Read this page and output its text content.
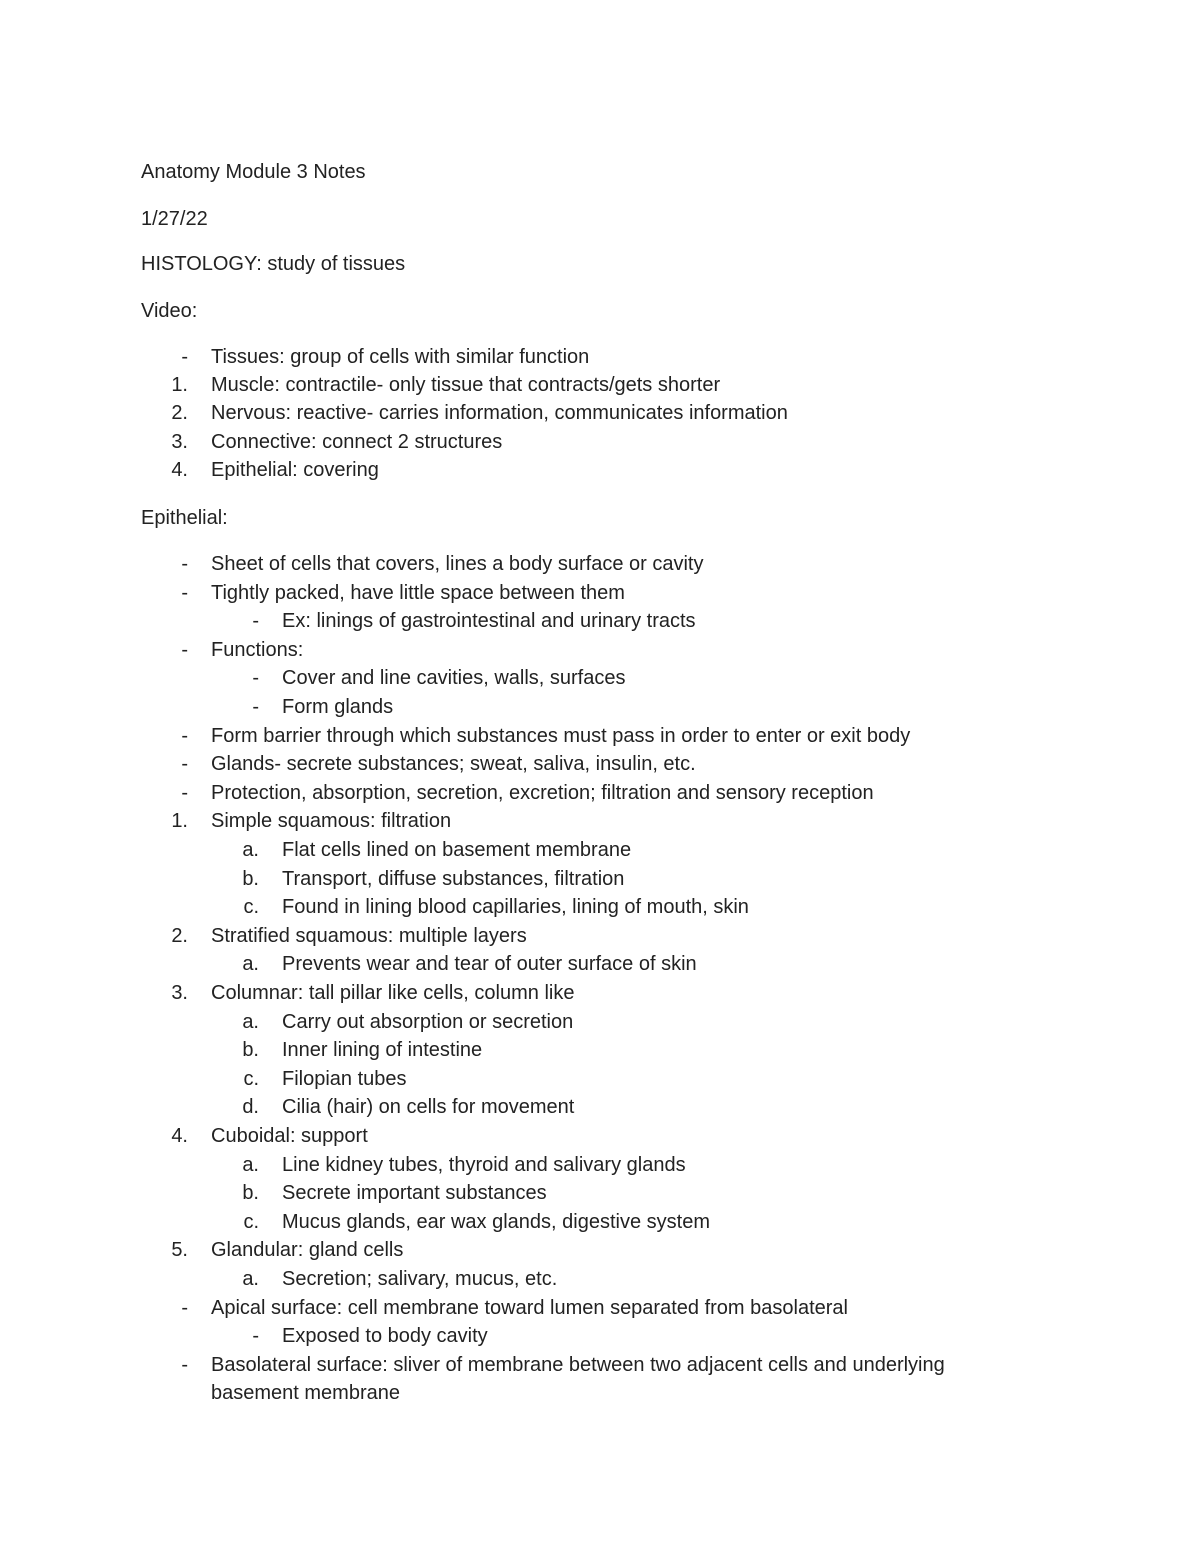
Anatomy Module 3 Notes
1/27/22
HISTOLOGY: study of tissues
Video:
- Tissues: group of cells with similar function
1. Muscle: contractile- only tissue that contracts/gets shorter
2. Nervous: reactive- carries information, communicates information
3. Connective: connect 2 structures
4. Epithelial: covering
Epithelial:
- Sheet of cells that covers, lines a body surface or cavity
- Tightly packed, have little space between them
- Ex: linings of gastrointestinal and urinary tracts
- Functions:
- Cover and line cavities, walls, surfaces
- Form glands
- Form barrier through which substances must pass in order to enter or exit body
- Glands- secrete substances; sweat, saliva, insulin, etc.
- Protection, absorption, secretion, excretion; filtration and sensory reception
1. Simple squamous: filtration
a. Flat cells lined on basement membrane
b. Transport, diffuse substances, filtration
c. Found in lining blood capillaries, lining of mouth, skin
2. Stratified squamous: multiple layers
a. Prevents wear and tear of outer surface of skin
3. Columnar: tall pillar like cells, column like
a. Carry out absorption or secretion
b. Inner lining of intestine
c. Filopian tubes
d. Cilia (hair) on cells for movement
4. Cuboidal: support
a. Line kidney tubes, thyroid and salivary glands
b. Secrete important substances
c. Mucus glands, ear wax glands, digestive system
5. Glandular: gland cells
a. Secretion; salivary, mucus, etc.
- Apical surface: cell membrane toward lumen separated from basolateral
- Exposed to body cavity
- Basolateral surface: sliver of membrane between two adjacent cells and underlying
basement membrane
